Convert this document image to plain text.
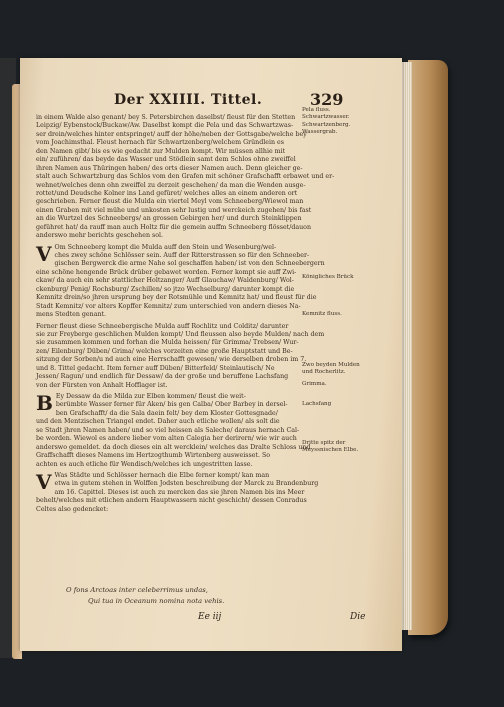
Der XXIIII. Tittel.	329
in einem Walde also genant/ bey S. Petersbirchen daselbst/ fleust für den Stetten
Leipzig/ Eybenstock/Buckaw/Aw. Daselbst kompt die Pela und das Schwartzwas-
ser drein/welches hinter entspringet/ auff der höhe/neben der Gottsgabe/welche bey
vom Joachimsthal. Fleust hernach für Schwartzenberg/welchem Gründlein es
den Namen gibt/ bis es wie gedacht zur Mulden kompt. Wir müssen allhie mit
ein/ zuführen/ das beyde das Wasser und Stödlein samt dem Schlos ohne zweiffel
ihren Namen aus Thüringen haben/ des orts dieser Namen auch. Denn gleicher ge-
stalt auch Schwartzburg das Schlos vom den Grafen mit schöner Grafschafft erbawet und er-
wehnet/welches denn ohn zweiffel zu derzeit geschehen/ da man die Wenden ausge-
rottet/und Deudsche Kolner ins Land gefüret/ welches alles an einem anderen ort
geschrieben. Ferner fleust die Mulda ein viertel Meyl vom Schneeberg/Wiewol man
einen Graben mit viel mühe und unkosten sehr lustig und werckeich zugehen/ bis fast
an die Wurtzel des Schneebergs/ an grossen Gebirgen her/ und durch Steinklippen
geführet hat/ da rauff man auch Holtz für die gemein auffm Schneeberg flösset/dauon
anderswo mehr berichts geschehen sol.
V Om Schneeberg kompt die Mulda auff den Stein und Wesenburg/wel-
ches zwey schöne Schlösser sein. Auff der Ritterstrassen so für den Schneeber-
gischen Bergwerck die arme Nahe sol geschaffen haben/ ist von den Schneebergern
eine schöne hengende Brück drüber gebawet worden. Ferner kompt sie auff Zwi-
ckaw/ da auch ein sehr stattlicher Holtzanger/ Auff Glauchaw/ Waldenburg/ Wol-
ckenburg/ Penig/ Rochsburg/ Zschillen/ so jtzo Wechselburg/ darunter kompt die
Kemnitz drein/so jhren ursprung bey der Rotsmühle und Kemnitz hat/ und fleust für die
Stadt Kemnitz/ vor alters Kopffer Kemnitz/ zum unterschied von andern dieses Na-
mens Stedten genant.
Ferner fleust diese Schneebergische Mulda auff Rochlitz und Colditz/ darunter
sie zur Freyberge geschlichen Mulden kompt/ Und fleussen also beyde Mulden/ nach dem
sie zusammen kommen und forhan die Mulda heissen/ für Grimma/ Trebsen/ Wur-
zen/ Eilenburg/ Düben/ Grima/ welches vorzeiten eine große Hauptstatt und Be-
sitzung der Sorben/u nd auch eine Herrschafft gewesen/ wie derselben droben im 7.
und 8. Tittel gedacht. Item ferner auff Düben/ Bitterfeld/ Steinlautisch/ Ne
Jessen/ Ragun/ und endlich für Dessaw/ da der große und beruffene Lachsfang
von der Fürsten von Anhalt Hofflager ist.
B Ey Dessaw da die Milda zur Elben kommen/ fleust die weit-
berümbte Wasser ferner für Aken/ bis gen Calba/ Ober Barbey in dersel-
ben Grafschafft/ da die Sala daein felt/ bey dem Kloster Gottesgnade/
und den Mentzischen Triangel endet. Daher auch etliche wollen/ als solt die
se Stadt jhren Namen haben/ und so viel heissen als Saleche/ daraus hernach Cal-
be worden. Wiewol es andere lieber vom alten Calegia her derirern/ wie wir auch
anderswo gemeldet. da doch dieses ein alt wercklein/ welches das Dralte Schloss und
Graffschafft dieses Namens im Hertzogthumb Wirtenberg ausweisset. So
achten es auch etliche für Wendisch/welches ich ungestritten lasse.
V Was Städte und Schlösser hernach die Elbe ferner kompt/ kan man
etwa in gutem stehen in Wolffen Jodsten beschreibung der Marck zu Brandenburg
am 16. Capittel. Dieses ist auch zu mercken das sie jhren Namen bis ins Meer
behelt/welches mit etlichen andern Hauptwassern nicht geschicht/ dessen Conradus
Celtes also gedencket:
Pela fluss. Schwartzwasser.
Schwartzenberg. Wassergrab.
Königliches Brück
Kemnitz fluss.
Zwo beyden Mulden und Rocherlitz.
Grimma.
Lachsfang
Dritte spitz der Meyssnischen Elbe.
O fons Arctoas inter celeberrimus undas,
Qui tua in Oceanum nomina nota vehis.
Ee iij	Die
